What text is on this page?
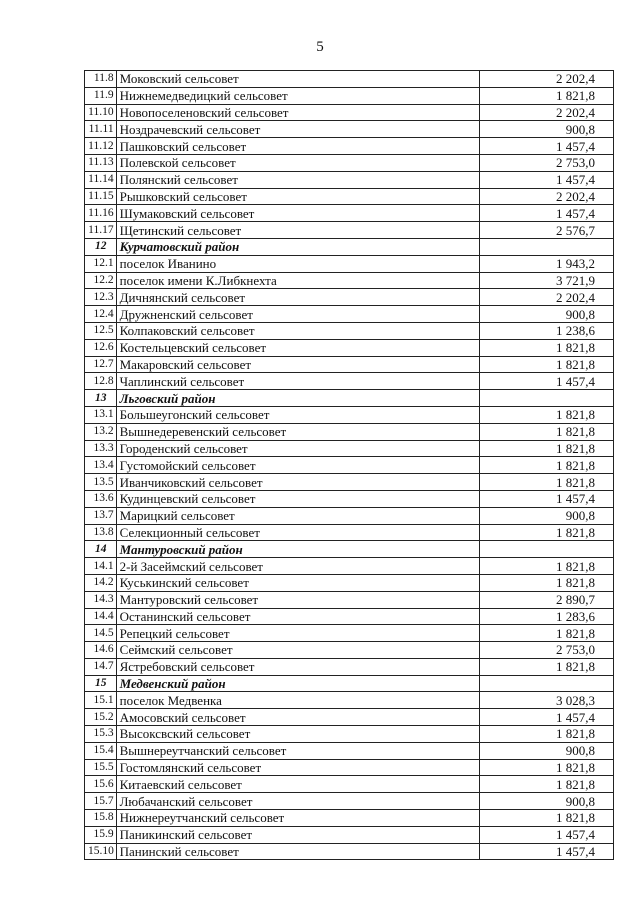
5
11.8	Моковский сельсовет	2 202,4
11.9	Нижнемедведицкий сельсовет	1 821,8
11.10	Новопоселеновский сельсовет	2 202,4
11.11	Ноздрачевский сельсовет	900,8
11.12	Пашковский сельсовет	1 457,4
11.13	Полевской сельсовет	2 753,0
11.14	Полянский сельсовет	1 457,4
11.15	Рышковский сельсовет	2 202,4
11.16	Шумаковский сельсовет	1 457,4
11.17	Щетинский сельсовет	2 576,7
12	Курчатовский район	
12.1	поселок Иванино	1 943,2
12.2	поселок имени К.Либкнехта	3 721,9
12.3	Дичнянский сельсовет	2 202,4
12.4	Дружненский сельсовет	900,8
12.5	Колпаковский сельсовет	1 238,6
12.6	Костельцевский сельсовет	1 821,8
12.7	Макаровский сельсовет	1 821,8
12.8	Чаплинский сельсовет	1 457,4
13	Льговский район	
13.1	Большеугонский сельсовет	1 821,8
13.2	Вышнедеревенский сельсовет	1 821,8
13.3	Городенский сельсовет	1 821,8
13.4	Густомойский сельсовет	1 821,8
13.5	Иванчиковский сельсовет	1 821,8
13.6	Кудинцевский сельсовет	1 457,4
13.7	Марицкий сельсовет	900,8
13.8	Селекционный сельсовет	1 821,8
14	Мантуровский район	
14.1	2-й Засеймский сельсовет	1 821,8
14.2	Куськинский сельсовет	1 821,8
14.3	Мантуровский сельсовет	2 890,7
14.4	Останинский сельсовет	1 283,6
14.5	Репецкий сельсовет	1 821,8
14.6	Сеймский сельсовет	2 753,0
14.7	Ястребовский сельсовет	1 821,8
15	Медвенский район	
15.1	поселок Медвенка	3 028,3
15.2	Амосовский сельсовет	1 457,4
15.3	Высоксвский сельсовет	1 821,8
15.4	Вышнереутчанский сельсовет	900,8
15.5	Гостомлянский сельсовет	1 821,8
15.6	Китаевский сельсовет	1 821,8
15.7	Любачанский сельсовет	900,8
15.8	Нижнереутчанский сельсовет	1 821,8
15.9	Паникинский сельсовет	1 457,4
15.10	Панинский сельсовет	1 457,4
